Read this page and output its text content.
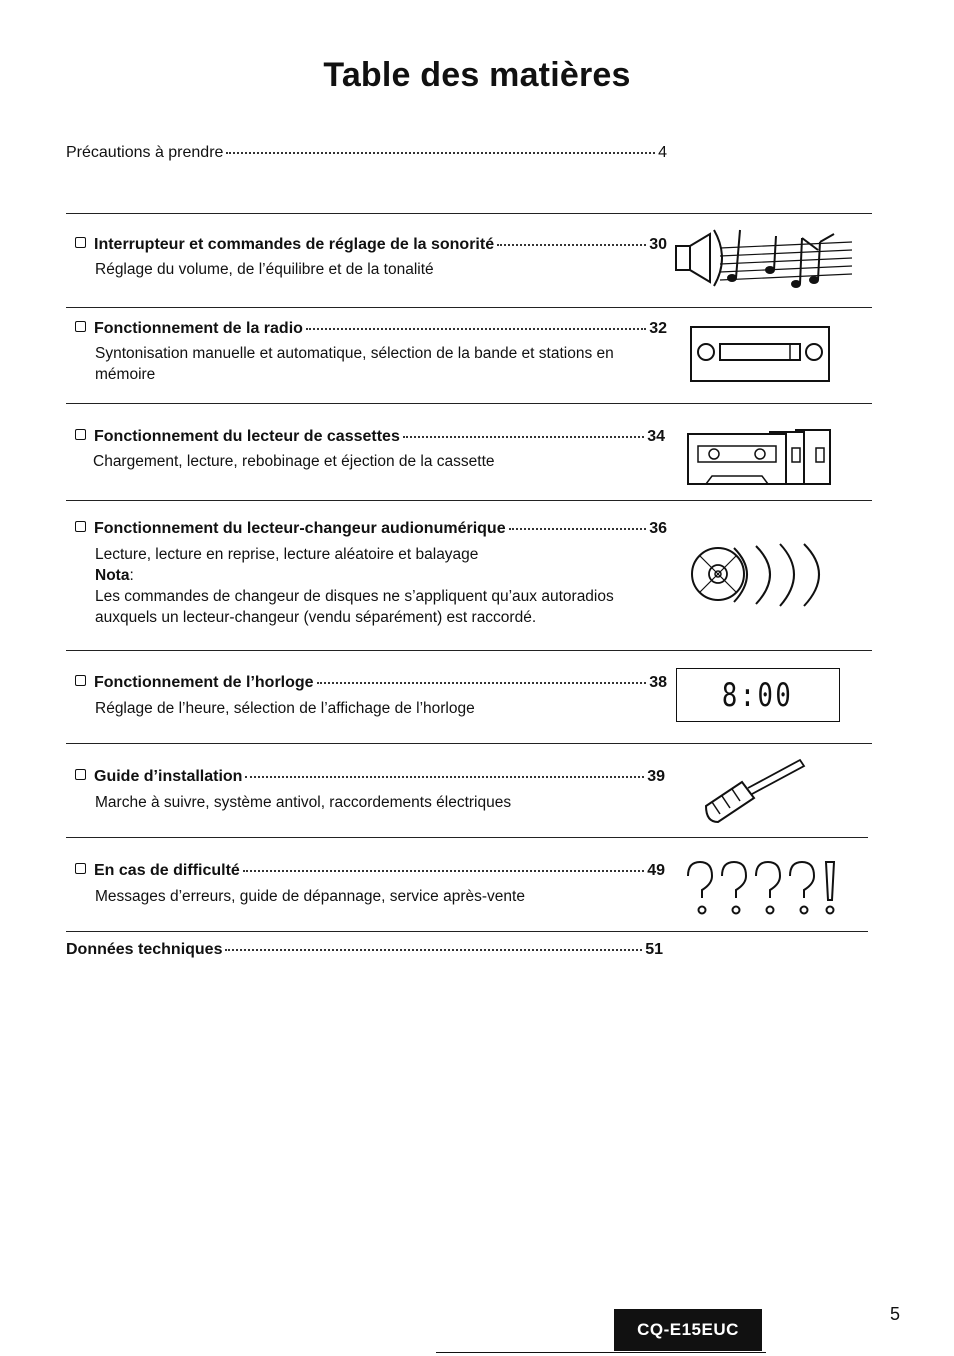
Table des matières
Précautions à prendre	4
Interrupteur et commandes de réglage de la sonorité	30
Réglage du volume, de l’équilibre et de la tonalité
Fonctionnement de la radio	32
Syntonisation manuelle et automatique, sélection de la bande et stations en
mémoire
Fonctionnement du lecteur de cassettes	34
Chargement, lecture, rebobinage et éjection de la cassette
Fonctionnement du lecteur-changeur audionumérique	36
Lecture, lecture en reprise, lecture aléatoire et balayage
Nota:
Les commandes de changeur de disques ne s’appliquent qu’aux autoradios
auxquels un lecteur-changeur (vendu séparément) est raccordé.
Fonctionnement de l’horloge	38
Réglage de l’heure, sélection de l’affichage de l’horloge	8:00
Guide d’installation	39
Marche à suivre, système antivol, raccordements électriques
En cas de difficulté	49
Messages d’erreurs, guide de dépannage, service après-vente
Données techniques	51
CQ-E15EUC
5
